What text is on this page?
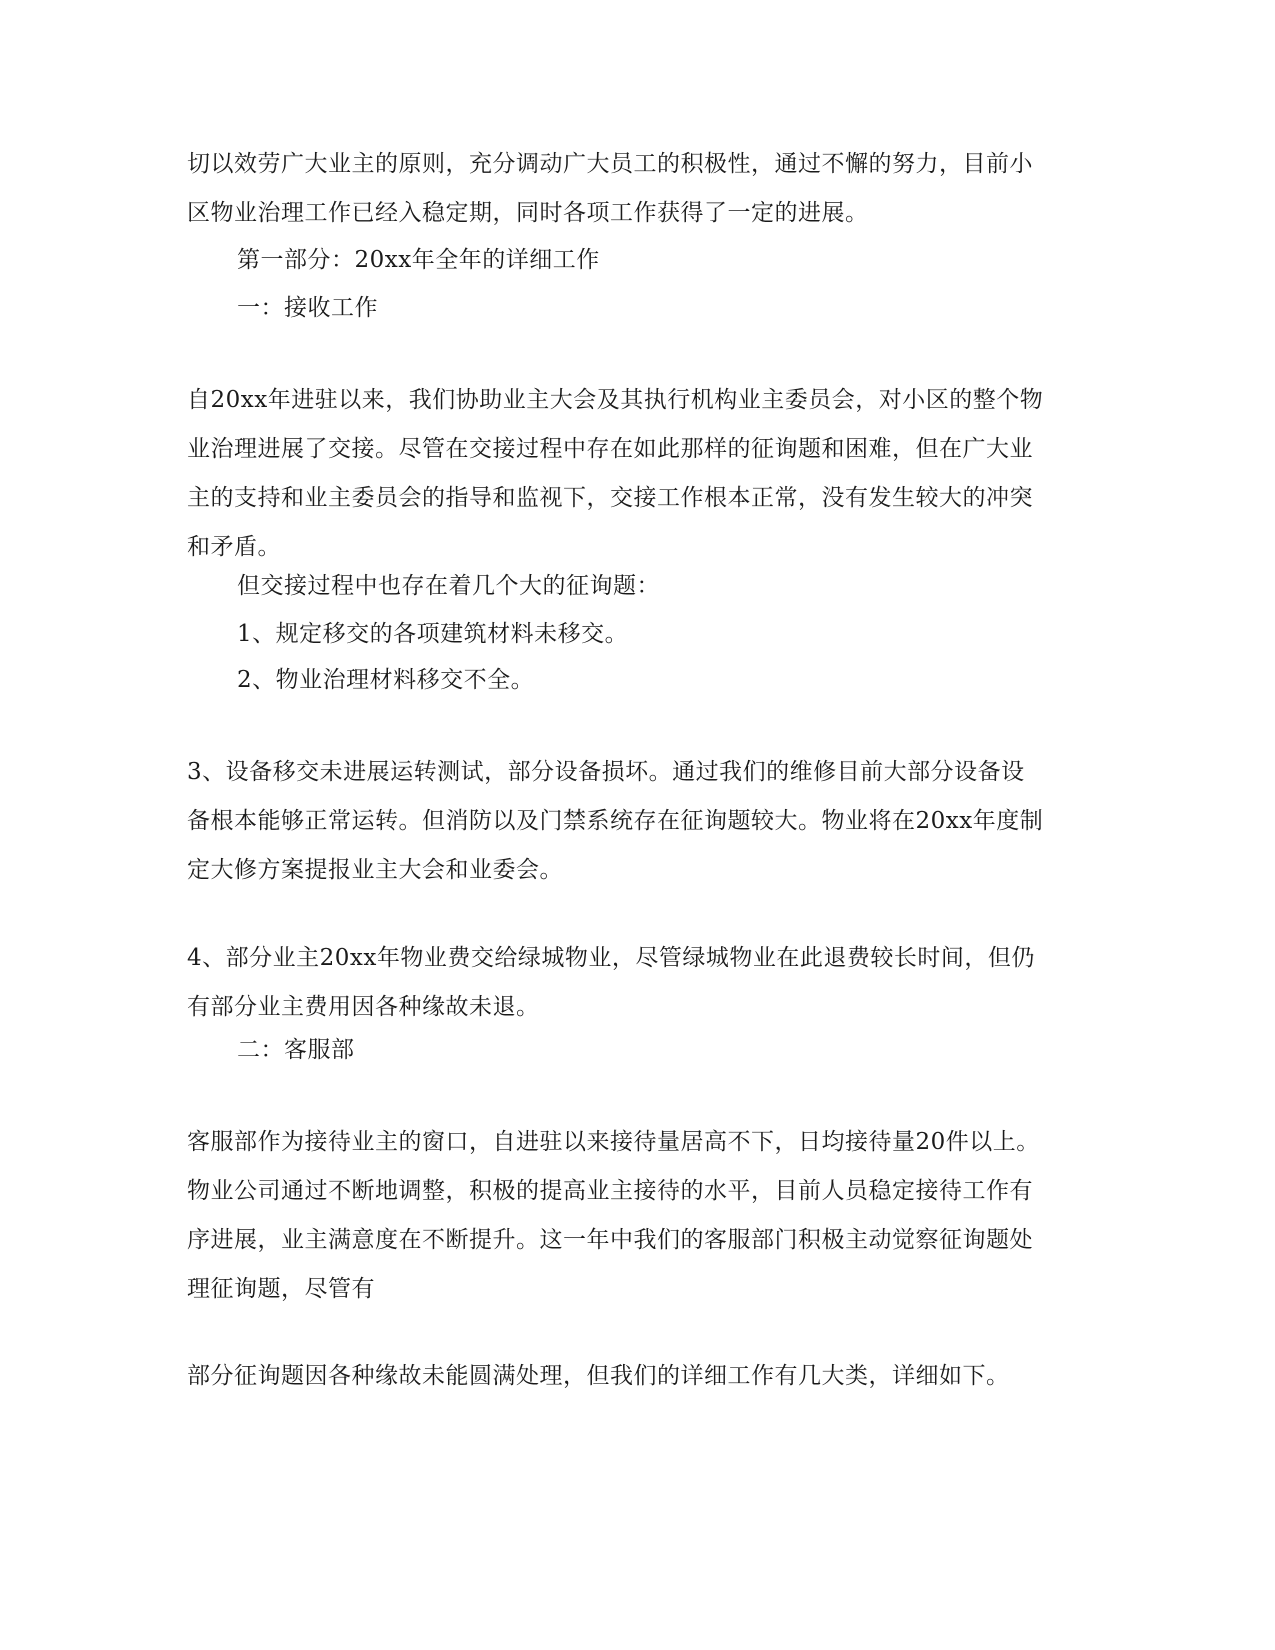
切以效劳广大业主的原则，充分调动广大员工的积极性，通过不懈的努力，目前小
区物业治理工作已经入稳定期，同时各项工作获得了一定的进展。
第一部分：20xx年全年的详细工作
一：接收工作
自20xx年进驻以来，我们协助业主大会及其执行机构业主委员会，对小区的整个物
业治理进展了交接。尽管在交接过程中存在如此那样的征询题和困难，但在广大业
主的支持和业主委员会的指导和监视下，交接工作根本正常，没有发生较大的冲突
和矛盾。
但交接过程中也存在着几个大的征询题：
1、规定移交的各项建筑材料未移交。
2、物业治理材料移交不全。
3、设备移交未进展运转测试，部分设备损坏。通过我们的维修目前大部分设备设
备根本能够正常运转。但消防以及门禁系统存在征询题较大。物业将在20xx年度制
定大修方案提报业主大会和业委会。
4、部分业主20xx年物业费交给绿城物业，尽管绿城物业在此退费较长时间，但仍
有部分业主费用因各种缘故未退。
二：客服部
客服部作为接待业主的窗口，自进驻以来接待量居高不下，日均接待量20件以上。
物业公司通过不断地调整，积极的提高业主接待的水平，目前人员稳定接待工作有
序进展，业主满意度在不断提升。这一年中我们的客服部门积极主动觉察征询题处
理征询题，尽管有
部分征询题因各种缘故未能圆满处理，但我们的详细工作有几大类，详细如下。
